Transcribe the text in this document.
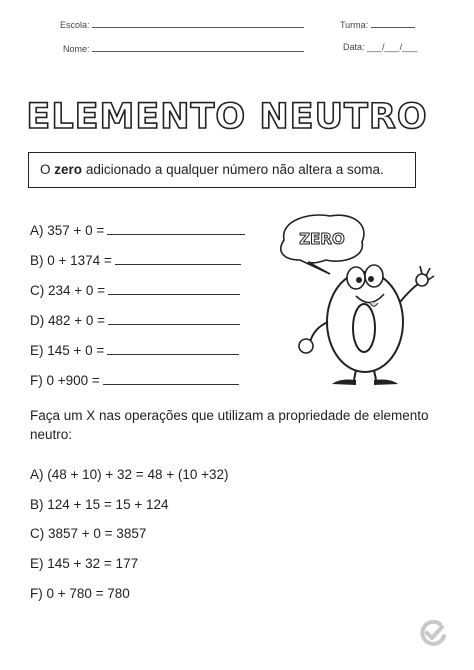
Escola:	Turma:
Nome:	Data: ___/___/___
ELEMENTO NEUTRO
O zero adicionado a qualquer número não altera a soma.
A) 357 + 0 =
B) 0 + 1374 =
C) 234 + 0 =
D) 482 + 0 =
E) 145 + 0 =
F) 0 +900 =
ZERO
Faça um X nas operações que utilizam a propriedade de elemento neutro:
A) (48 + 10) + 32 = 48 + (10 +32)
B) 124 + 15 = 15 + 124
C) 3857 + 0 = 3857
E) 145 + 32 = 177
F) 0 + 780 = 780
